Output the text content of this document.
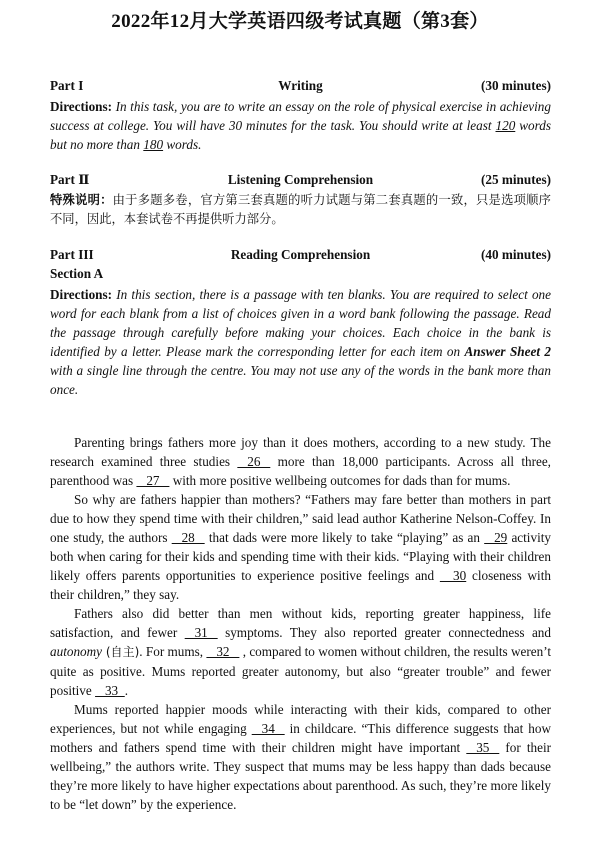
2022年12月大学英语四级考试真题（第3套）
Part I	Writing	(30 minutes)
Directions: In this task, you are to write an essay on the role of physical exercise in achieving success at college. You will have 30 minutes for the task. You should write at least 120 words but no more than 180 words.
Part Ⅱ	Listening Comprehension	(25 minutes)
特殊说明：由于多题多卷，官方第三套真题的听力试题与第二套真题的一致，只是选项顺序不同，因此，本套试卷不再提供听力部分。
Part III	Reading Comprehension	(40 minutes)
Section A
Directions: In this section, there is a passage with ten blanks. You are required to select one word for each blank from a list of choices given in a word bank following the passage. Read the passage through carefully before making your choices. Each choice in the bank is identified by a letter. Please mark the corresponding letter for each item on Answer Sheet 2 with a single line through the centre. You may not use any of the words in the bank more than once.

Parenting brings fathers more joy than it does mothers, according to a new study. The research examined three studies    26    more than 18,000 participants. Across all three, parenthood was    27    with more positive wellbeing outcomes for dads than for mums.

So why are fathers happier than mothers? “Fathers may fare better than mothers in part due to how they spend time with their children,” said lead author Katherine Nelson-Coffey. In one study, the authors    28    that dads were more likely to take “playing” as an    29 activity both when caring for their kids and spending time with their kids. “Playing with their children likely offers parents opportunities to experience positive feelings and     30 closeness with their children,” they say.

Fathers also did better than men without kids, reporting greater happiness, life satisfaction, and fewer    31    symptoms. They also reported greater connectedness and autonomy (自主). For mums,    32    , compared to women without children, the results weren’t quite as positive. Mums reported greater autonomy, but also “greater trouble” and fewer positive    33  .

Mums reported happier moods while interacting with their kids, compared to other experiences, but not while engaging    34    in childcare. “This difference suggests that how mothers and fathers spend time with their children might have important    35    for their wellbeing,” the authors write. They suspect that mums may be less happy than dads because they’re more likely to have higher expectations about parenthood. As such, they’re more likely to be “let down” by the experience.
